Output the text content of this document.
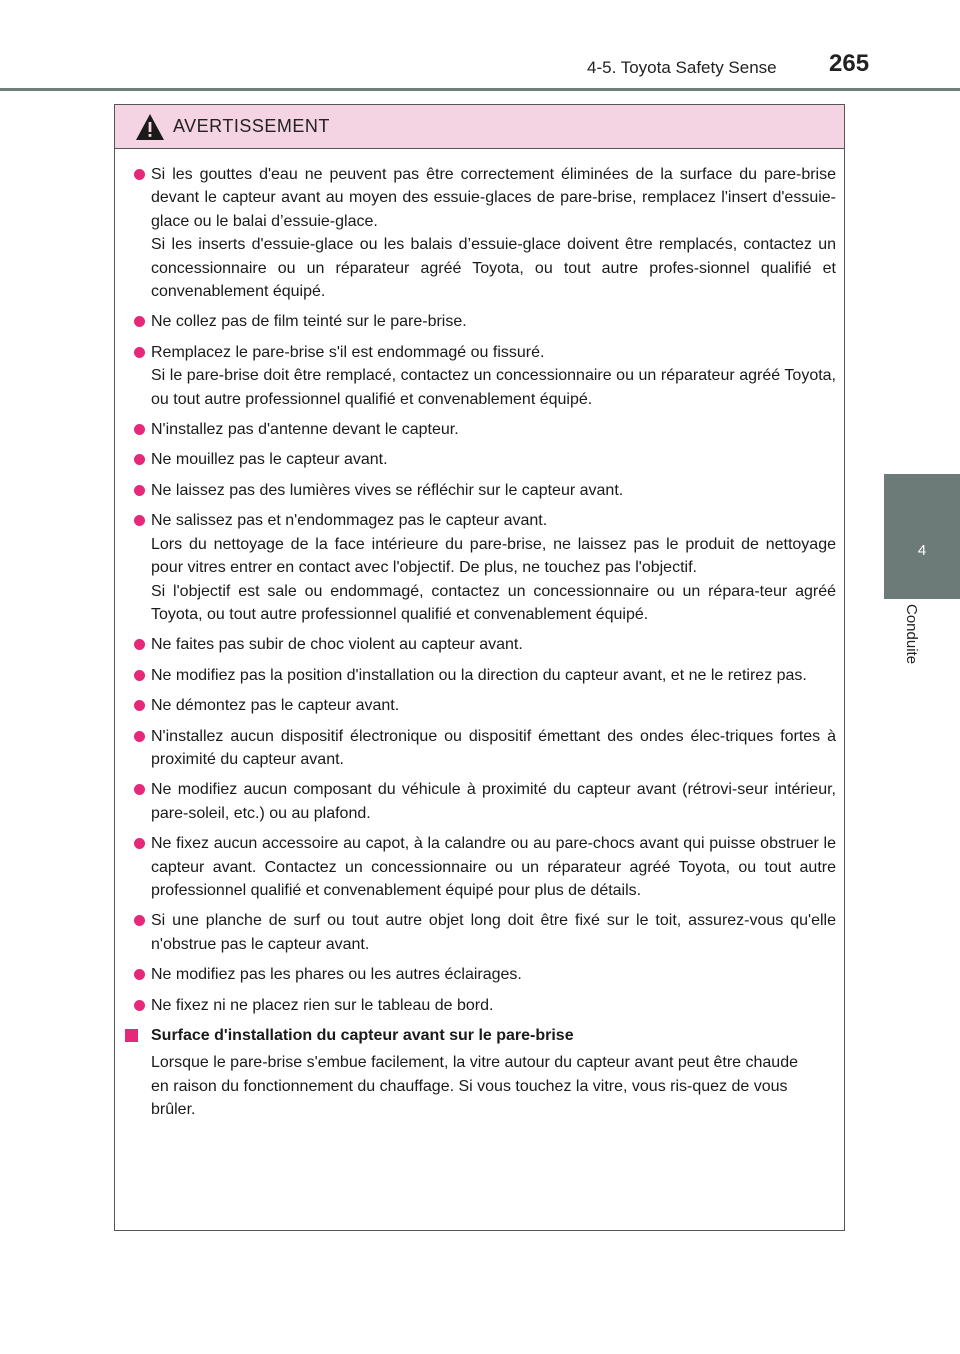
4-5. Toyota Safety Sense 265
4
Conduite
AVERTISSEMENT

Si les gouttes d'eau ne peuvent pas être correctement éliminées de la surface du pare-brise devant le capteur avant au moyen des essuie-glaces de pare-brise, remplacez l'insert d'essuie-glace ou le balai d’essuie-glace.

Si les inserts d'essuie-glace ou les balais d’essuie-glace doivent être remplacés, contactez un concessionnaire ou un réparateur agréé Toyota, ou tout autre profes-sionnel qualifié et convenablement équipé.

Ne collez pas de film teinté sur le pare-brise.

Remplacez le pare-brise s'il est endommagé ou fissuré.

Si le pare-brise doit être remplacé, contactez un concessionnaire ou un réparateur agréé Toyota, ou tout autre professionnel qualifié et convenablement équipé.

N'installez pas d'antenne devant le capteur.

Ne mouillez pas le capteur avant.

Ne laissez pas des lumières vives se réfléchir sur le capteur avant.

Ne salissez pas et n'endommagez pas le capteur avant.

Lors du nettoyage de la face intérieure du pare-brise, ne laissez pas le produit de nettoyage pour vitres entrer en contact avec l'objectif. De plus, ne touchez pas l'objectif.

Si l'objectif est sale ou endommagé, contactez un concessionnaire ou un répara-teur agréé Toyota, ou tout autre professionnel qualifié et convenablement équipé.

Ne faites pas subir de choc violent au capteur avant.

Ne modifiez pas la position d'installation ou la direction du capteur avant, et ne le retirez pas.

Ne démontez pas le capteur avant.

N'installez aucun dispositif électronique ou dispositif émettant des ondes élec-triques fortes à proximité du capteur avant.

Ne modifiez aucun composant du véhicule à proximité du capteur avant (rétrovi-seur intérieur, pare-soleil, etc.) ou au plafond.

Ne fixez aucun accessoire au capot, à la calandre ou au pare-chocs avant qui puisse obstruer le capteur avant. Contactez un concessionnaire ou un réparateur agréé Toyota, ou tout autre professionnel qualifié et convenablement équipé pour plus de détails.

Si une planche de surf ou tout autre objet long doit être fixé sur le toit, assurez-vous qu'elle n'obstrue pas le capteur avant.

Ne modifiez pas les phares ou les autres éclairages.

Ne fixez ni ne placez rien sur le tableau de bord.

Surface d'installation du capteur avant sur le pare-brise

Lorsque le pare-brise s'embue facilement, la vitre autour du capteur avant peut être chaude en raison du fonctionnement du chauffage. Si vous touchez la vitre, vous ris-quez de vous brûler.
